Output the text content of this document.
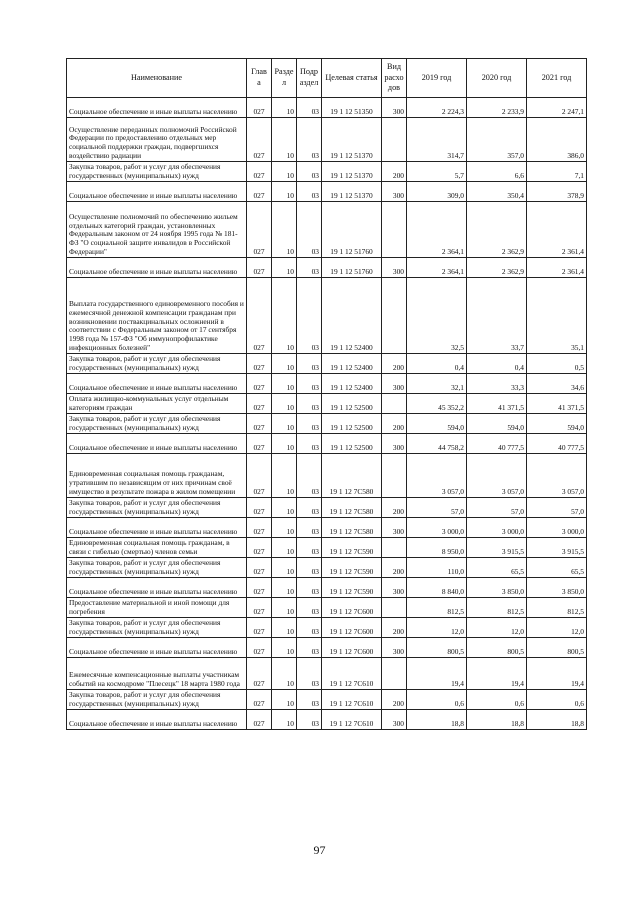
Наименование	Глав а	Разде л	Подр аздел	Целевая статья	Вид расхо дов	2019 год	2020 год	2021 год
Социальное обеспечение и иные выплаты населению	027	10	03	19 1 12 51350	300	2 224,3	2 233,9	2 247,1
Осуществление переданных полномочий Российской Федерации по предоставлению отдельных мер социальной поддержки граждан, подвергшихся воздействию радиации	027	10	03	19 1 12 51370		314,7	357,0	386,0
Закупка товаров, работ и услуг для обеспечения государственных (муниципальных) нужд	027	10	03	19 1 12 51370	200	5,7	6,6	7,1
Социальное обеспечение и иные выплаты населению	027	10	03	19 1 12 51370	300	309,0	350,4	378,9
Осуществление полномочий по обеспечению жильем отдельных категорий граждан, установленных Федеральным законом от 24 ноября 1995 года № 181-ФЗ "О социальной защите инвалидов в Российской Федерации"	027	10	03	19 1 12 51760		2 364,1	2 362,9	2 361,4
Социальное обеспечение и иные выплаты населению	027	10	03	19 1 12 51760	300	2 364,1	2 362,9	2 361,4
Выплата государственного единовременного пособия и ежемесячной денежной компенсации гражданам при возникновении поствакцинальных осложнений в соответствии с Федеральным законом от 17 сентября 1998 года № 157-ФЗ "Об иммунопрофилактике инфекционных болезней"	027	10	03	19 1 12 52400		32,5	33,7	35,1
Закупка товаров, работ и услуг для обеспечения государственных (муниципальных) нужд	027	10	03	19 1 12 52400	200	0,4	0,4	0,5
Социальное обеспечение и иные выплаты населению	027	10	03	19 1 12 52400	300	32,1	33,3	34,6
Оплата жилищно-коммунальных услуг отдельным категориям граждан	027	10	03	19 1 12 52500		45 352,2	41 371,5	41 371,5
Закупка товаров, работ и услуг для обеспечения государственных (муниципальных) нужд	027	10	03	19 1 12 52500	200	594,0	594,0	594,0
Социальное обеспечение и иные выплаты населению	027	10	03	19 1 12 52500	300	44 758,2	40 777,5	40 777,5
Единовременная социальная помощь гражданам, утратившим по независящим от них причинам своё имущество в результате пожара в жилом помещении	027	10	03	19 1 12 7С580		3 057,0	3 057,0	3 057,0
Закупка товаров, работ и услуг для обеспечения государственных (муниципальных) нужд	027	10	03	19 1 12 7С580	200	57,0	57,0	57,0
Социальное обеспечение и иные выплаты населению	027	10	03	19 1 12 7С580	300	3 000,0	3 000,0	3 000,0
Единовременная социальная помощь гражданам, в связи с гибелью (смертью) членов семьи	027	10	03	19 1 12 7С590		8 950,0	3 915,5	3 915,5
Закупка товаров, работ и услуг для обеспечения государственных (муниципальных) нужд	027	10	03	19 1 12 7С590	200	110,0	65,5	65,5
Социальное обеспечение и иные выплаты населению	027	10	03	19 1 12 7С590	300	8 840,0	3 850,0	3 850,0
Предоставление материальной и иной помощи для погребения	027	10	03	19 1 12 7С600		812,5	812,5	812,5
Закупка товаров, работ и услуг для обеспечения государственных (муниципальных) нужд	027	10	03	19 1 12 7С600	200	12,0	12,0	12,0
Социальное обеспечение и иные выплаты населению	027	10	03	19 1 12 7С600	300	800,5	800,5	800,5
Ежемесячные компенсационные выплаты участникам событий на космодроме "Плесецк" 18 марта 1980 года	027	10	03	19 1 12 7С610		19,4	19,4	19,4
Закупка товаров, работ и услуг для обеспечения государственных (муниципальных) нужд	027	10	03	19 1 12 7С610	200	0,6	0,6	0,6
Социальное обеспечение и иные выплаты населению	027	10	03	19 1 12 7С610	300	18,8	18,8	18,8
97
